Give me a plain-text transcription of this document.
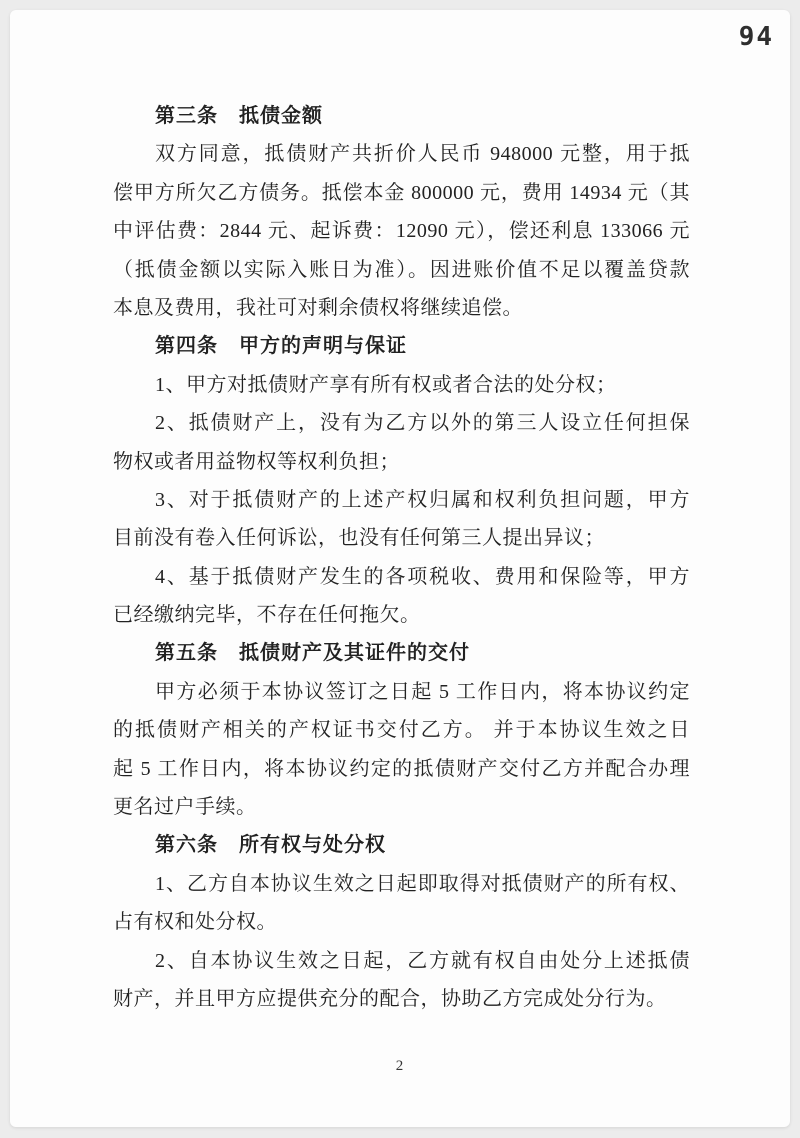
94
第三条　抵债金额
双方同意，抵债财产共折价人民币 948000 元整，用于抵
偿甲方所欠乙方债务。抵偿本金 800000 元，费用 14934 元（其
中评估费：2844 元、起诉费：12090 元），偿还利息 133066 元
（抵债金额以实际入账日为准）。因进账价值不足以覆盖贷款
本息及费用，我社可对剩余债权将继续追偿。
第四条　甲方的声明与保证
1、甲方对抵债财产享有所有权或者合法的处分权；
2、抵债财产上，没有为乙方以外的第三人设立任何担保
物权或者用益物权等权利负担；
3、对于抵债财产的上述产权归属和权利负担问题，甲方
目前没有卷入任何诉讼，也没有任何第三人提出异议；
4、基于抵债财产发生的各项税收、费用和保险等，甲方
已经缴纳完毕，不存在任何拖欠。
第五条　抵债财产及其证件的交付
甲方必须于本协议签订之日起 5 工作日内，将本协议约定
的抵债财产相关的产权证书交付乙方。 并于本协议生效之日
起 5 工作日内，将本协议约定的抵债财产交付乙方并配合办理
更名过户手续。
第六条　所有权与处分权
1、乙方自本协议生效之日起即取得对抵债财产的所有权、
占有权和处分权。
2、自本协议生效之日起，乙方就有权自由处分上述抵债
财产，并且甲方应提供充分的配合，协助乙方完成处分行为。
2
